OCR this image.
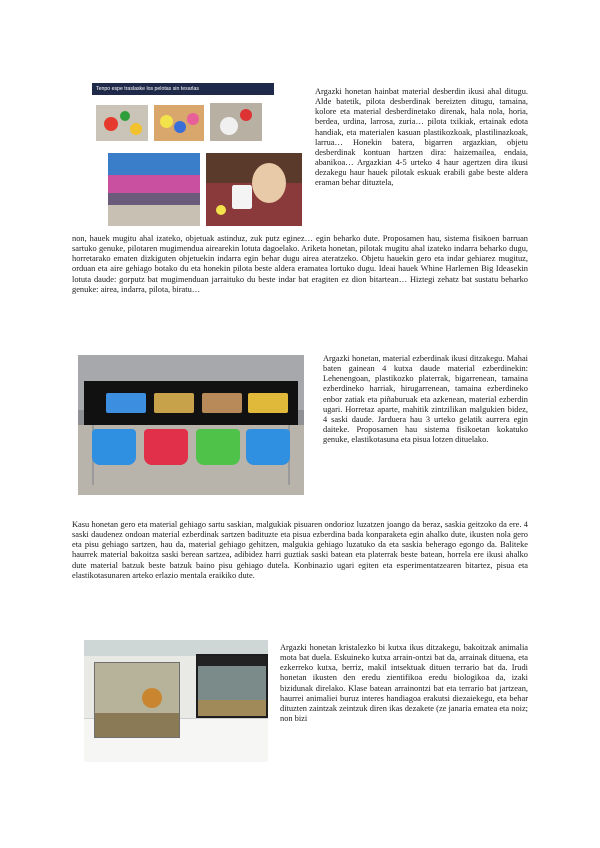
Tenpo espe traslaske los pelotas sin tesarlas	Argazki honetan hainbat material desberdin ikusi ahal ditugu. Alde batetik, pilota desberdinak bereizten ditugu, tamaina, kolore eta material desberdinetako direnak, hala nola, horia, berdea, urdina, larrosa, zuria… pilota txikiak, ertainak edota handiak, eta materialen kasuan plastikozkoak, plastilinazkoak, larrua… Honekin batera, bigarren argazkian, objetu desberdinak kontuan hartzen dira: haizemailea, endaia, abanikoa… Argazkian 4-5 urteko 4 haur agertzen dira ikusi dezakegu haur hauek pilotak eskuak erabili gabe beste aldera eraman behar dituztela,

non, hauek mugitu ahal izateko, objetuak astinduz, zuk putz eginez… egin beharko dute. Proposamen hau, sistema fisikoen barruan sartuko genuke, pilotaren mugimendua airearekin lotuta dagoelako. Ariketa honetan, pilotak mugitu ahal izateko indarra beharko dugu, horretarako ematen dizkiguten objetuekin indarra egin behar dugu airea ateratzeko. Objetu hauekin gero eta indar gehiarez mugituz, orduan eta aire gehiago botako du eta honekin pilota beste aldera eramatea lortuko dugu. Ideai hauek Whine Harlemen Big Ideasekin lotuta daude: gorputz bat mugimenduan jarraituko du beste indar bat eragiten ez dion bitartean… Hiztegi zehatz bat sustatu beharko genuke: airea, indarra, pilota, biratu…

Argazki honetan, material ezberdinak ikusi ditzakegu. Mahai baten gainean 4 kutxa daude material ezberdinekin: Lehenengoan, plastikozko platerrak, bigarrenean, tamaina ezberdineko harriak, hirugarrenean, tamaina ezberdineko enbor zatiak eta piñaburuak eta azkenean, material ezberdin ugari. Horretaz aparte, mahitik zintzilikan malgukien bidez, 4 saski daude. Jarduera hau 3 urteko gelatik aurrera egin daiteke. Proposamen hau sistema fisikoetan kokatuko genuke, elastikotasuna eta pisua lotzen dituelako.

Kasu honetan gero eta material gehiago sartu saskian, malgukiak pisuaren ondorioz luzatzen joango da beraz, saskia geitzoko da ere. 4 saski daudenez ondoan material ezberdinak sartzen badituzte eta pisua ezberdina bada konparaketa egin ahalko dute, ikusten nola gero eta pisu gehiago sartzen, hau da, material gehiago gehitzen, malgukia gehiago luzatuko da eta saskia beherago egongo da. Baliteke haurrek material bakoitza saski berean sartzea, adibidez harri guztiak saski batean eta platerrak beste batean, horrela ere ikusi ahalko dute material batzuk beste batzuk baino pisu gehiago dutela. Konbinazio ugari egiten eta esperimentatzearen bitartez, pisua eta elastikotasunaren arteko erlazio mentala eraikiko dute.

Argazki honetan kristalezko bi kutxa ikus ditzakegu, bakoitzak animalia mota bat duela. Eskuineko kutxa arrain-ontzi bat da, arrainak dituena, eta ezkerreko kutxa, berriz, makil intsektuak dituen terrario bat da. Irudi honetan ikusten den eredu zientifikoa eredu biologikoa da, izaki bizidunak direlako. Klase batean arrainontzi bat eta terrario bat jartzean, haurrei animaliei buruz interes handiagoa erakutsi diezaiekegu, eta behar dituzten zaintzak zeintzuk diren ikas dezakete (ze janaria ematea eta noiz; non bizi
